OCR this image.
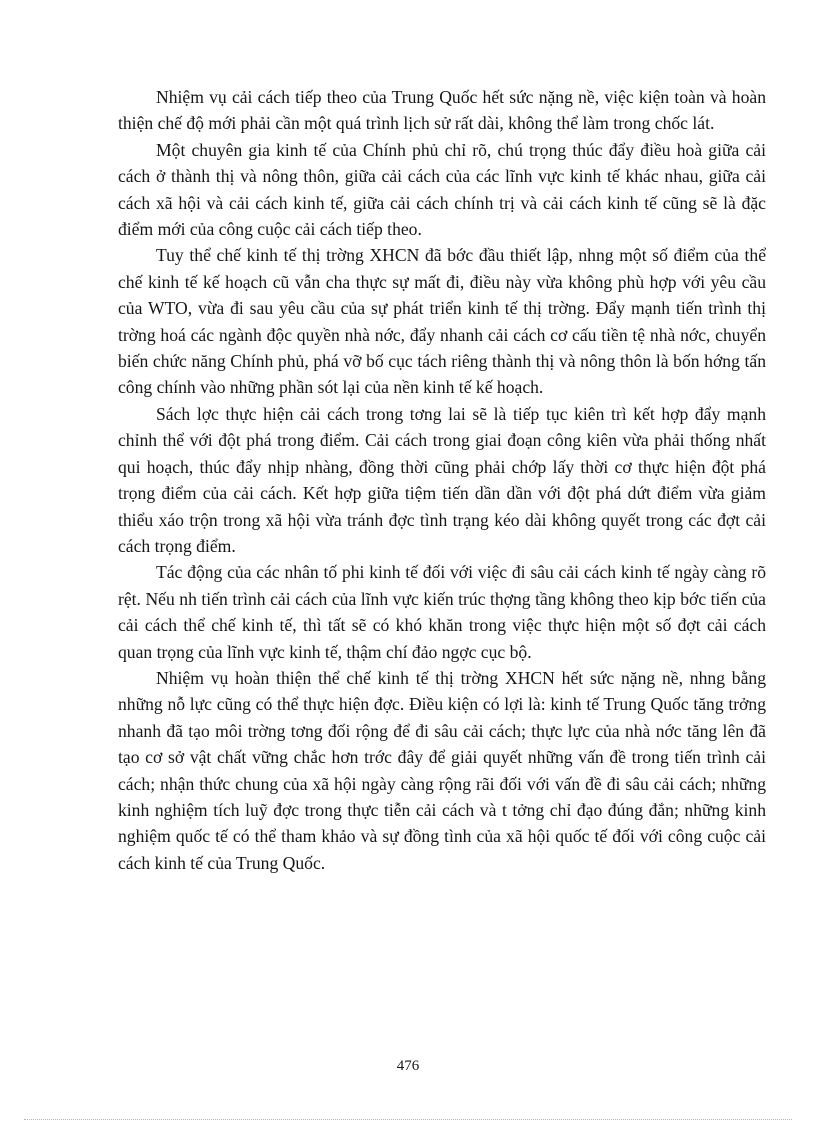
Nhiệm vụ cải cách tiếp theo của Trung Quốc hết sức nặng nề, việc kiện toàn và hoàn thiện chế độ mới phải cần một quá trình lịch sử rất dài, không thể làm trong chốc lát.

Một chuyên gia kinh tế của Chính phủ chỉ rõ, chú trọng thúc đẩy điều hoà giữa cải cách ở thành thị và nông thôn, giữa cải cách của các lĩnh vực kinh tế khác nhau, giữa cải cách xã hội và cải cách kinh tế, giữa cải cách chính trị và cải cách kinh tế cũng sẽ là đặc điểm mới của công cuộc cải cách tiếp theo.

Tuy thể chế kinh tế thị trờng XHCN đã bớc đầu thiết lập, nhng một số điểm của thể chế kinh tế kế hoạch cũ vẫn cha thực sự mất đi, điều này vừa không phù hợp với yêu cầu của WTO, vừa đi sau yêu cầu của sự phát triển kinh tế thị trờng. Đẩy mạnh tiến trình thị trờng hoá các ngành độc quyền nhà nớc, đẩy nhanh cải cách cơ cấu tiền tệ nhà nớc, chuyển biến chức năng Chính phủ, phá vỡ bố cục tách riêng thành thị và nông thôn là bốn hớng tấn công chính vào những phần sót lại của nền kinh tế kế hoạch.

Sách lợc thực hiện cải cách trong tơng lai sẽ là tiếp tục kiên trì kết hợp đẩy mạnh chỉnh thể với đột phá trong điểm. Cải cách trong giai đoạn công kiên vừa phải thống nhất qui hoạch, thúc đẩy nhịp nhàng, đồng thời cũng phải chớp lấy thời cơ thực hiện đột phá trọng điểm của cải cách. Kết hợp giữa tiệm tiến dần dần với đột phá dứt điểm vừa giảm thiểu xáo trộn trong xã hội vừa tránh đợc tình trạng kéo dài không quyết trong các đợt cải cách trọng điểm.

Tác động của các nhân tố phi kinh tế đối với việc đi sâu cải cách kinh tế ngày càng rõ rệt. Nếu nh tiến trình cải cách của lĩnh vực kiến trúc thợng tầng không theo kịp bớc tiến của cải cách thể chế kinh tế, thì tất sẽ có khó khăn trong việc thực hiện một số đợt cải cách quan trọng của lĩnh vực kinh tế, thậm chí đảo ngợc cục bộ.

Nhiệm vụ hoàn thiện thể chế kinh tế thị trờng XHCN hết sức nặng nề, nhng bằng những nỗ lực cũng có thể thực hiện đợc. Điều kiện có lợi là: kinh tế Trung Quốc tăng trởng nhanh đã tạo môi trờng tơng đối rộng để đi sâu cải cách; thực lực của nhà nớc tăng lên đã tạo cơ sở vật chất vững chắc hơn trớc đây để giải quyết những vấn đề trong tiến trình cải cách; nhận thức chung của xã hội ngày càng rộng rãi đối với vấn đề đi sâu cải cách; những kinh nghiệm tích luỹ đợc trong thực tiễn cải cách và t tởng chỉ đạo đúng đắn; những kinh nghiệm quốc tế có thể tham khảo và sự đồng tình của xã hội quốc tế đối với công cuộc cải cách kinh tế của Trung Quốc.

476
